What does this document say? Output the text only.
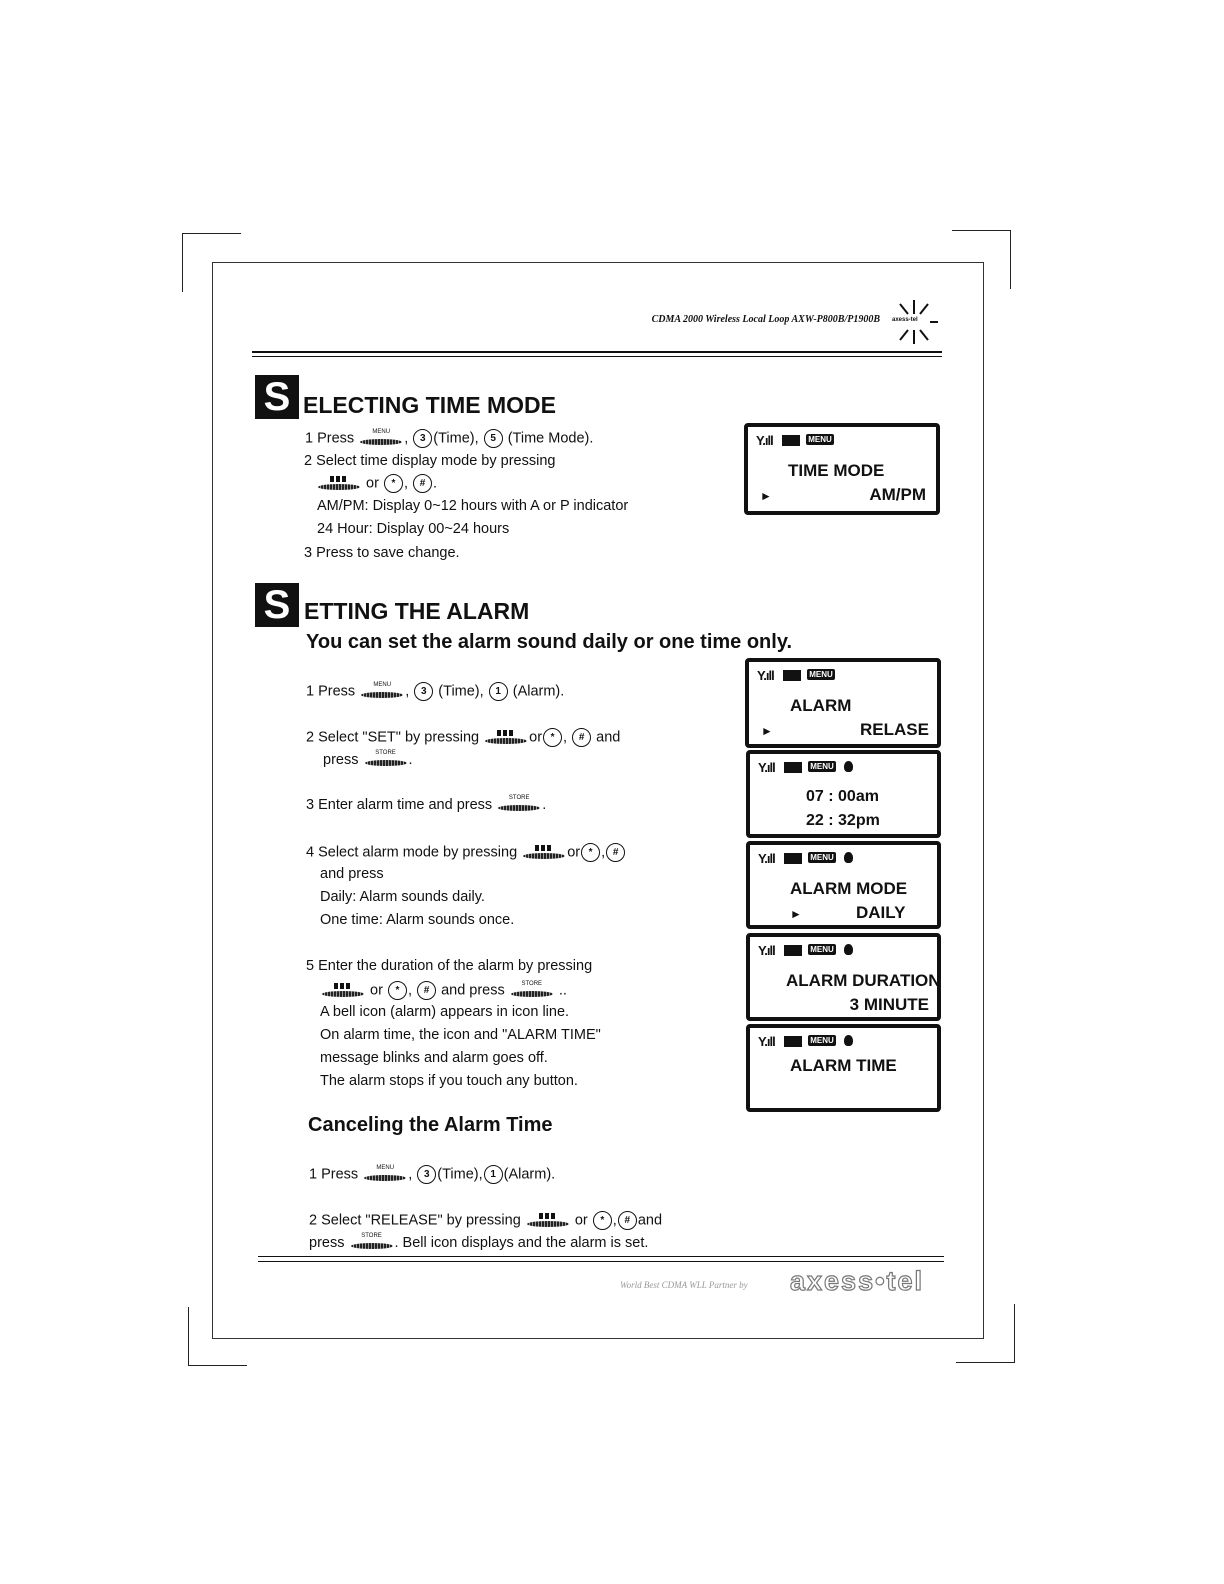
CDMA 2000 Wireless Local Loop AXW-P800B/P1900B axess-tel
S ELECTING TIME MODE
1 Press	MENU , 3 (Time), 5 (Time Mode).
2 Select time display mode by pressing
or * , # .
AM/PM: Display 0~12 hours with A or P indicator
24 Hour: Display 00~24 hours
3 Press to save change.
Y.ıll	MENU
TIME MODE
►	AM/PM
S ETTING THE ALARM
You can set the alarm sound daily or one time only.
1 Press	MENU , 3 (Time), 1 (Alarm).
2 Select "SET" by pressing	or * , # and
press	STORE .
3 Enter alarm time and press	STORE .
4 Select alarm mode by pressing	or * , #
and press
Daily: Alarm sounds daily.
One time: Alarm sounds once.
5 Enter the duration of the alarm by pressing
or * , # and press	STORE	..
A bell icon (alarm) appears in icon line.
On alarm time, the icon and "ALARM TIME"
message blinks and alarm goes off.
The alarm stops if you touch any button.
Canceling the Alarm Time
1 Press	MENU , 3 (Time), 1 (Alarm).
2 Select "RELEASE" by pressing	or * , # and
press	STORE . Bell icon displays and the alarm is set.
Y.ıll	MENU
ALARM
►	RELASE
Y.ıll	MENU
07 : 00am
22 : 32pm
Y.ıll	MENU
ALARM MODE
►	DAILY
Y.ıll	MENU
ALARM DURATION
3 MINUTE
Y.ıll	MENU
ALARM TIME
World Best CDMA WLL Partner by axess•tel
